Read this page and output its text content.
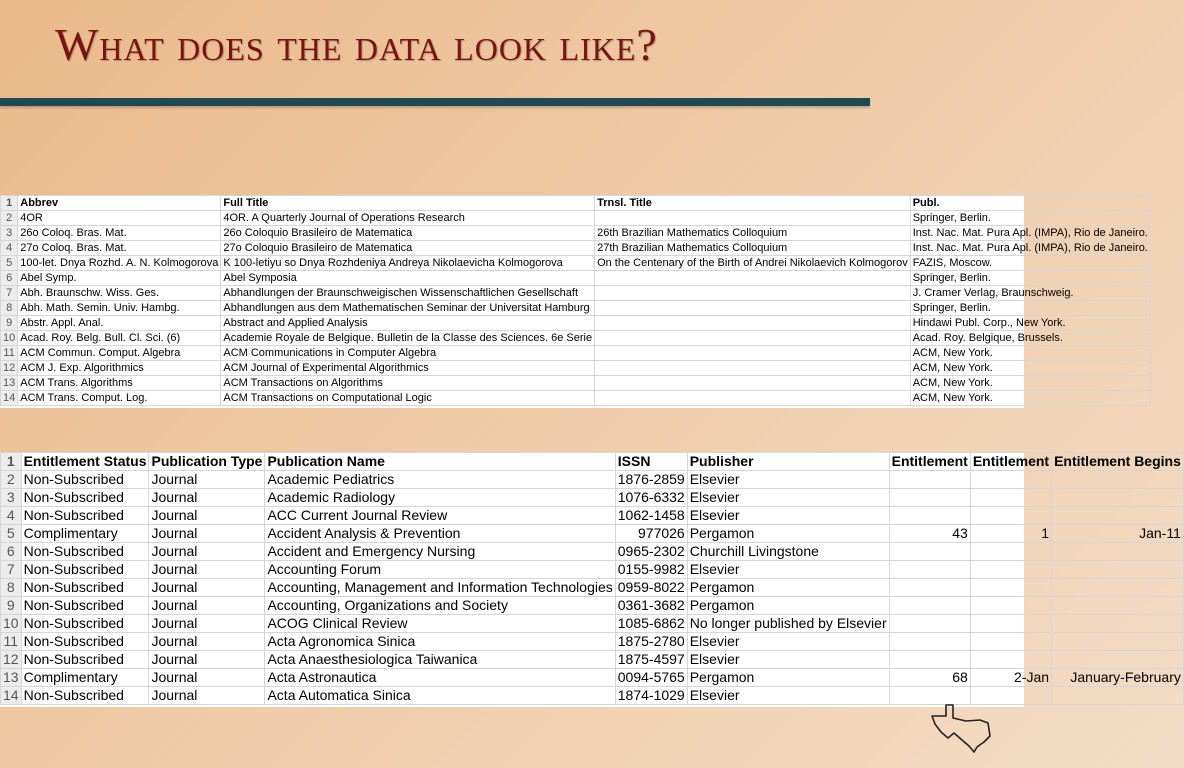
What does the data look like?
1	Abbrev	Full Title	Trnsl. Title	Publ.
2	4OR	4OR. A Quarterly Journal of Operations Research		Springer, Berlin.
3	26o Coloq. Bras. Mat.	26o Coloquio Brasileiro de Matematica	26th Brazilian Mathematics Colloquium	Inst. Nac. Mat. Pura Apl. (IMPA), Rio de Janeiro.
4	27o Coloq. Bras. Mat.	27o Coloquio Brasileiro de Matematica	27th Brazilian Mathematics Colloquium	Inst. Nac. Mat. Pura Apl. (IMPA), Rio de Janeiro.
5	100-let. Dnya Rozhd. A. N. Kolmogorova	K 100-letiyu so Dnya Rozhdeniya Andreya Nikolaevicha Kolmogorova	On the Centenary of the Birth of Andrei Nikolaevich Kolmogorov	FAZIS, Moscow.
6	Abel Symp.	Abel Symposia		Springer, Berlin.
7	Abh. Braunschw. Wiss. Ges.	Abhandlungen der Braunschweigischen Wissenschaftlichen Gesellschaft		J. Cramer Verlag, Braunschweig.
8	Abh. Math. Semin. Univ. Hambg.	Abhandlungen aus dem Mathematischen Seminar der Universitat Hamburg		Springer, Berlin.
9	Abstr. Appl. Anal.	Abstract and Applied Analysis		Hindawi Publ. Corp., New York.
10	Acad. Roy. Belg. Bull. Cl. Sci. (6)	Academie Royale de Belgique. Bulletin de la Classe des Sciences. 6e Serie		Acad. Roy. Belgique, Brussels.
11	ACM Commun. Comput. Algebra	ACM Communications in Computer Algebra		ACM, New York.
12	ACM J. Exp. Algorithmics	ACM Journal of Experimental Algorithmics		ACM, New York.
13	ACM Trans. Algorithms	ACM Transactions on Algorithms		ACM, New York.
14	ACM Trans. Comput. Log.	ACM Transactions on Computational Logic		ACM, New York.
1	Entitlement Status	Publication Type	Publication Name	ISSN	Publisher	Entitlement	Entitlement	Entitlement Begins
2	Non-Subscribed	Journal	Academic Pediatrics	1876-2859	Elsevier			
3	Non-Subscribed	Journal	Academic Radiology	1076-6332	Elsevier			
4	Non-Subscribed	Journal	ACC Current Journal Review	1062-1458	Elsevier			
5	Complimentary	Journal	Accident Analysis & Prevention	977026	Pergamon	43	1	Jan-11
6	Non-Subscribed	Journal	Accident and Emergency Nursing	0965-2302	Churchill Livingstone			
7	Non-Subscribed	Journal	Accounting Forum	0155-9982	Elsevier			
8	Non-Subscribed	Journal	Accounting, Management and Information Technologies	0959-8022	Pergamon			
9	Non-Subscribed	Journal	Accounting, Organizations and Society	0361-3682	Pergamon			
10	Non-Subscribed	Journal	ACOG Clinical Review	1085-6862	No longer published by Elsevier			
11	Non-Subscribed	Journal	Acta Agronomica Sinica	1875-2780	Elsevier			
12	Non-Subscribed	Journal	Acta Anaesthesiologica Taiwanica	1875-4597	Elsevier			
13	Complimentary	Journal	Acta Astronautica	0094-5765	Pergamon	68	2-Jan	January-February
14	Non-Subscribed	Journal	Acta Automatica Sinica	1874-1029	Elsevier			
